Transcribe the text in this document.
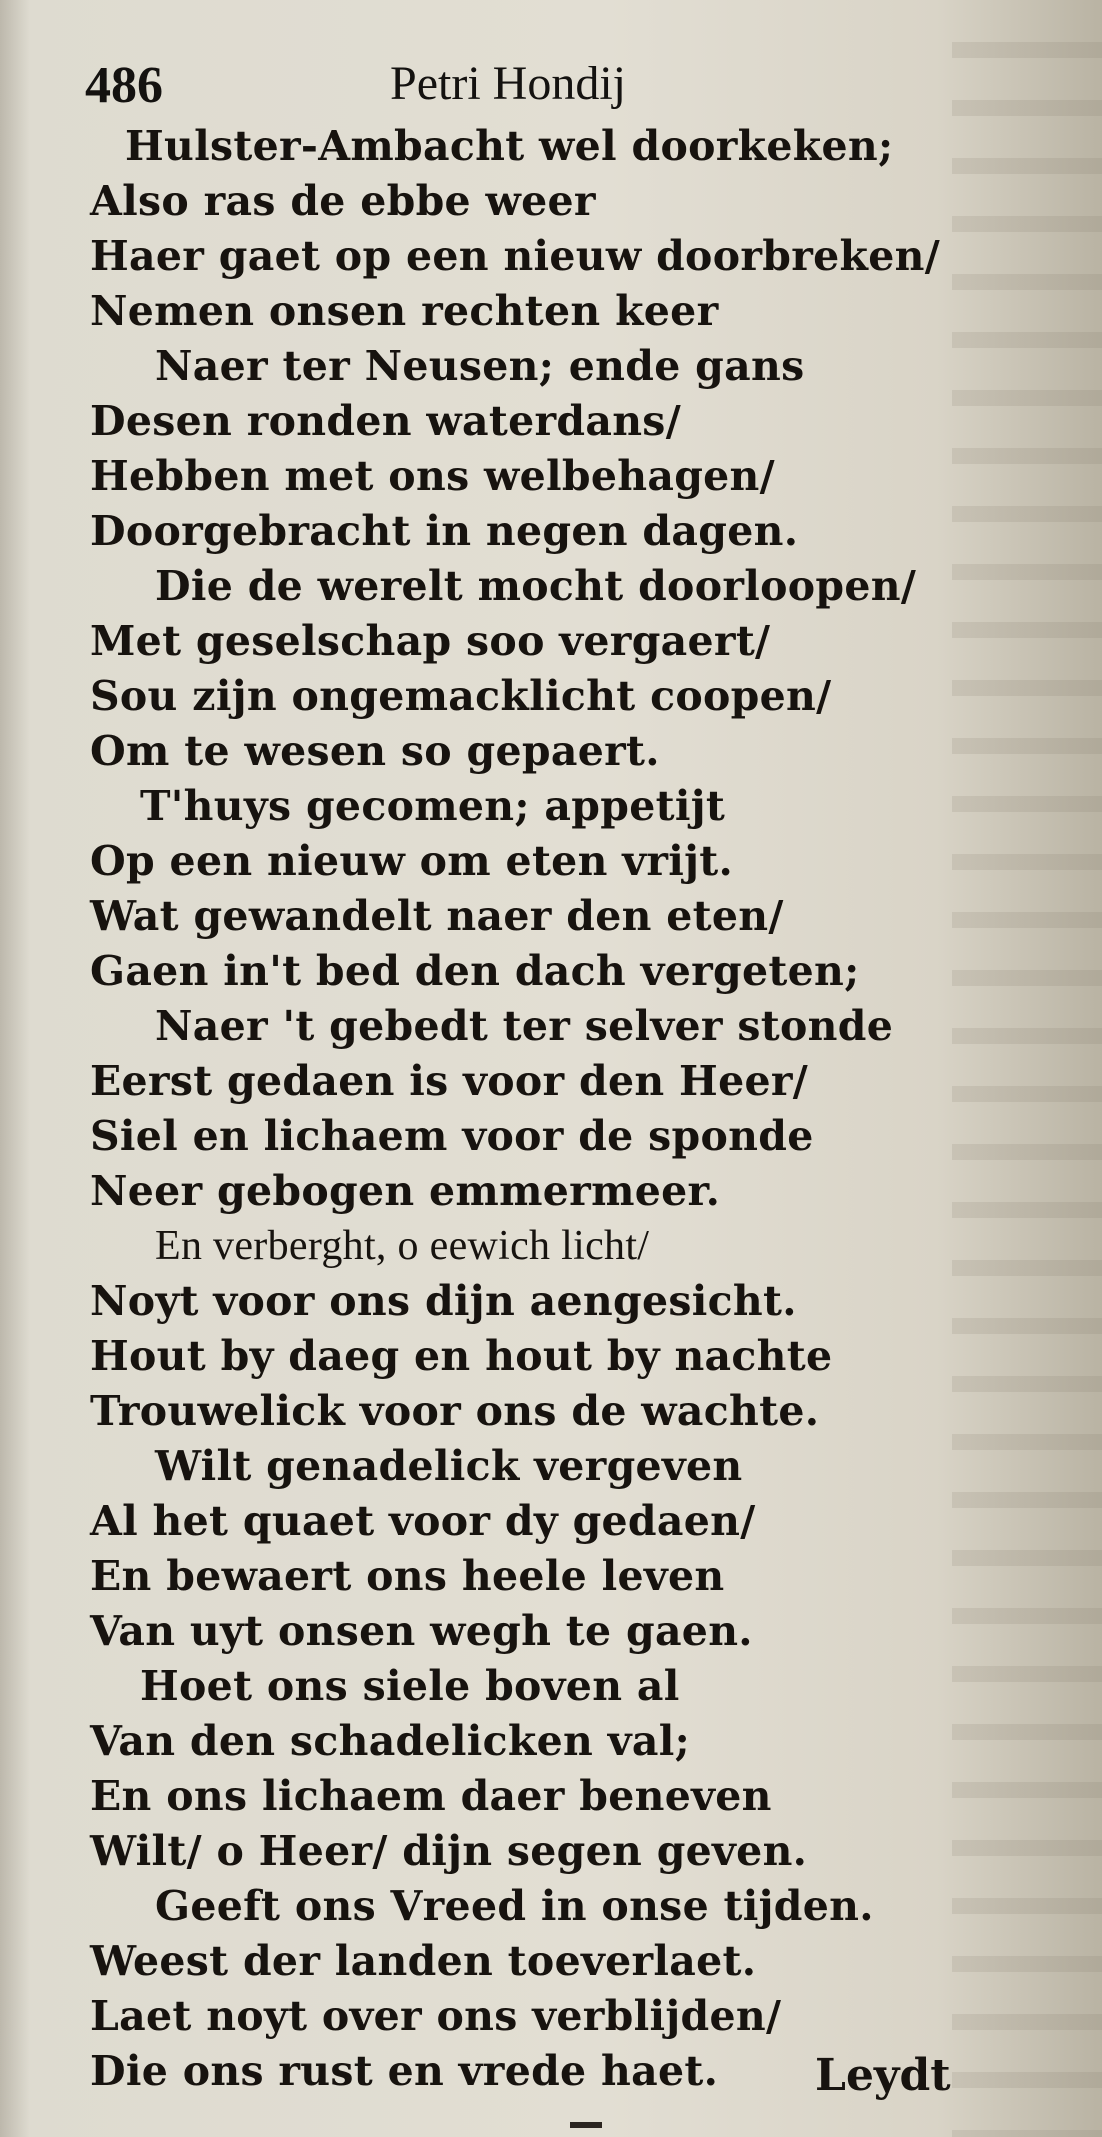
486	Petri Hondij
Hulster-Ambacht wel doorkeken;
Also ras de ebbe weer
Haer gaet op een nieuw doorbreken/
Nemen onsen rechten keer
Naer ter Neusen; ende gans
Desen ronden waterdans/
Hebben met ons welbehagen/
Doorgebracht in negen dagen.
Die de werelt mocht doorloopen/
Met geselschap soo vergaert/
Sou zijn ongemacklicht coopen/
Om te wesen so gepaert.
T'huys gecomen; appetijt
Op een nieuw om eten vrijt.
Wat gewandelt naer den eten/
Gaen in't bed den dach vergeten;
Naer 't gebedt ter selver stonde
Eerst gedaen is voor den Heer/
Siel en lichaem voor de sponde
Neer gebogen emmermeer.
En verberght, o eewich licht/
Noyt voor ons dijn aengesicht.
Hout by daeg en hout by nachte
Trouwelick voor ons de wachte.
Wilt genadelick vergeven
Al het quaet voor dy gedaen/
En bewaert ons heele leven
Van uyt onsen wegh te gaen.
Hoet ons siele boven al
Van den schadelicken val;
En ons lichaem daer beneven
Wilt/ o Heer/ dijn segen geven.
Geeft ons Vreed in onse tijden.
Weest der landen toeverlaet.
Laet noyt over ons verblijden/
Die ons rust en vrede haet. Leydt
